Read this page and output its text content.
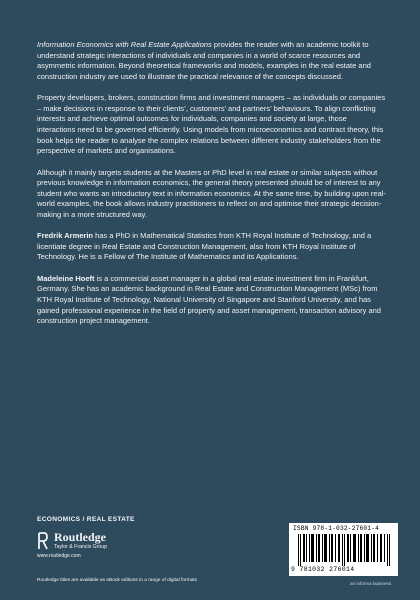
Information Economics with Real Estate Applications provides the reader with an academic toolkit to understand strategic interactions of individuals and companies in a world of scarce resources and asymmetric information. Beyond theoretical frameworks and models, examples in the real estate and construction industry are used to illustrate the practical relevance of the concepts discussed.

Property developers, brokers, construction firms and investment managers – as individuals or companies – make decisions in response to their clients’, customers’ and partners’ behaviours. To align conflicting interests and achieve optimal outcomes for individuals, companies and society at large, those interactions need to be governed efficiently. Using models from microeconomics and contract theory, this book helps the reader to analyse the complex relations between different industry stakeholders from the perspective of markets and organisations.

Although it mainly targets students at the Masters or PhD level in real estate or similar subjects without previous knowledge in information economics, the general theory presented should be of interest to any student who wants an introductory text in information economics. At the same time, by building upon real-world examples, the book allows industry practitioners to reflect on and optimise their strategic decision-making in a more structured way.

Fredrik Armerin has a PhD in Mathematical Statistics from KTH Royal Institute of Technology, and a licentiate degree in Real Estate and Construction Management, also from KTH Royal Institute of Technology. He is a Fellow of The Institute of Mathematics and its Applications.

Madeleine Hoeft is a commercial asset manager in a global real estate investment firm in Frankfurt, Germany. She has an academic background in Real Estate and Construction Management (MSc) from KTH Royal Institute of Technology, National University of Singapore and Stanford University, and has gained professional experience in the field of property and asset management, transaction advisory and construction project management.

ECONOMICS / REAL ESTATE
Routledge
Taylor & Francis Group
www.routledge.com
Routledge titles are available as eBook editions in a range of digital formats
ISBN 978-1-032-27601-4
9 781032 276014
an informa business
